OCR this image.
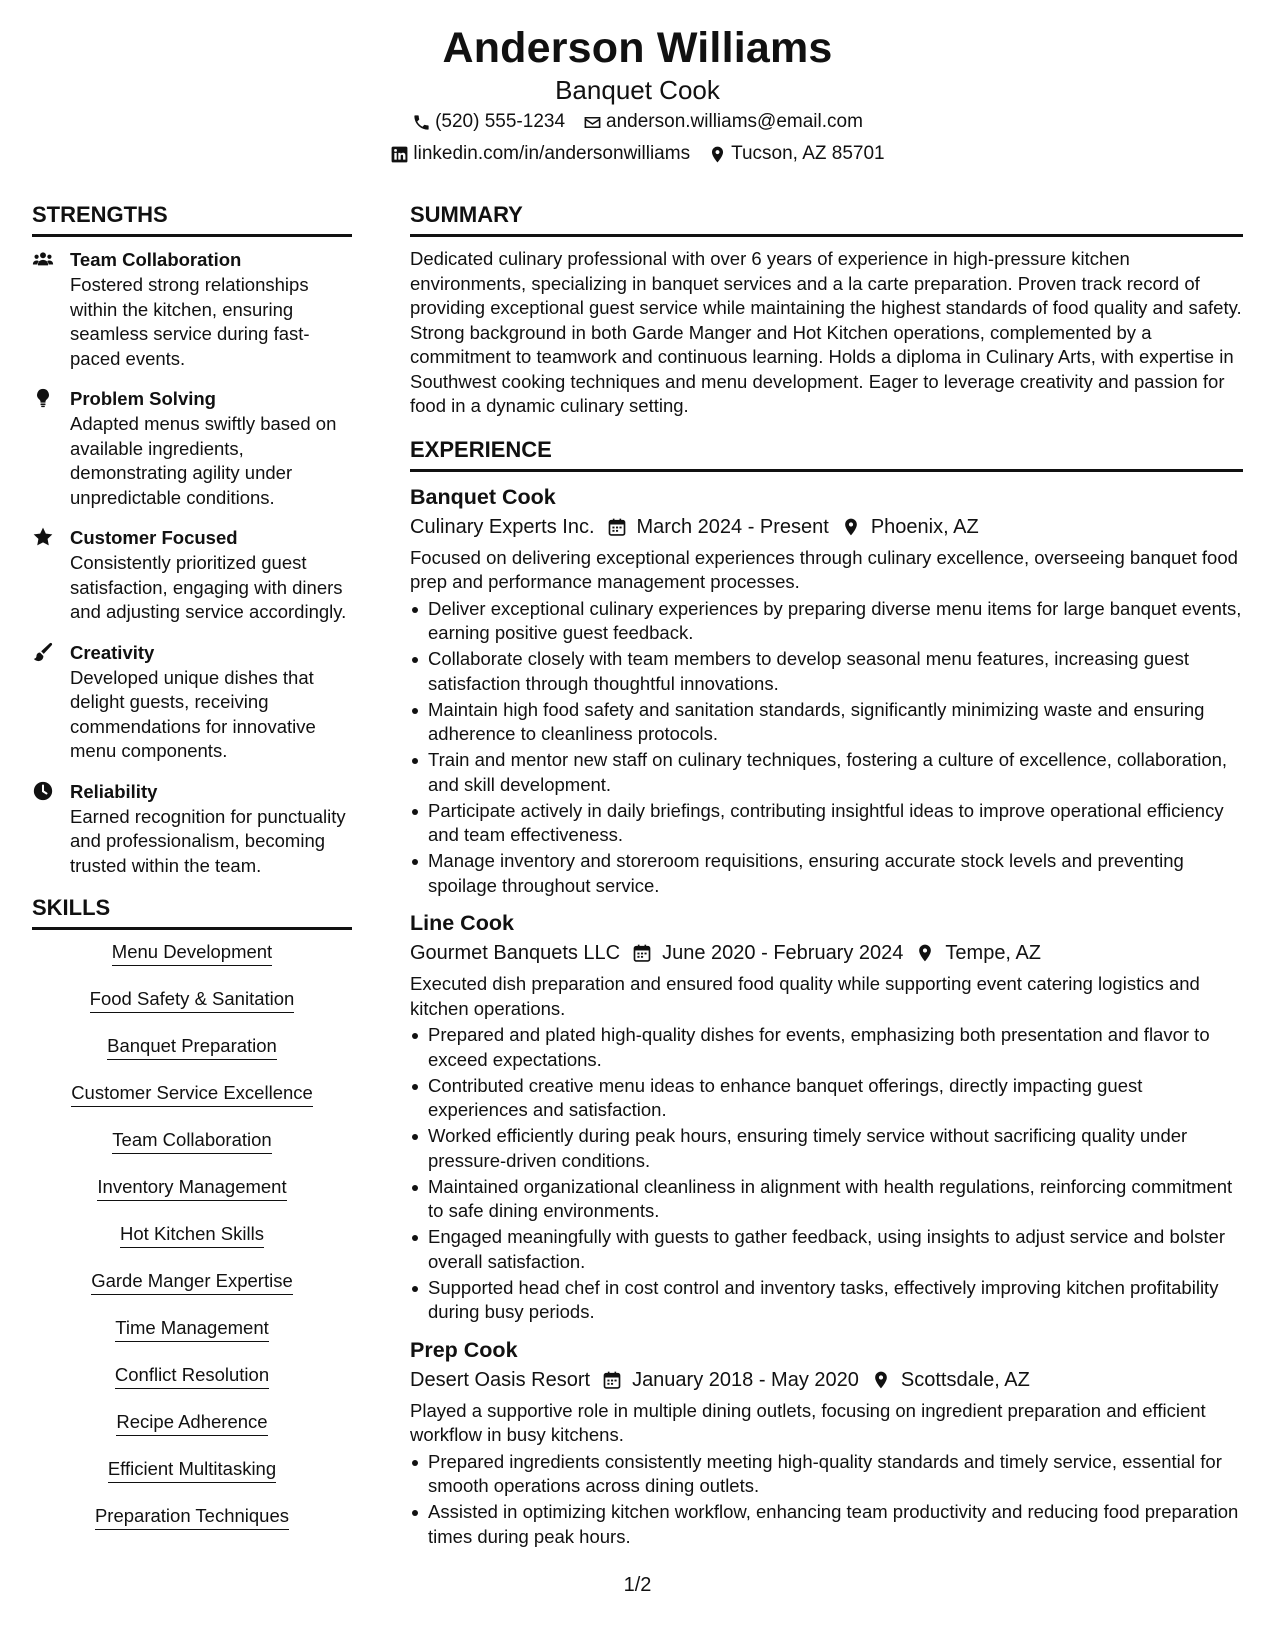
Anderson Williams
Banquet Cook
(520) 555-1234 anderson.williams@email.com
linkedin.com/in/andersonwilliams Tucson, AZ 85701
STRENGTHS
Team Collaboration
Fostered strong relationships within the kitchen, ensuring seamless service during fast-paced events.
Problem Solving
Adapted menus swiftly based on available ingredients, demonstrating agility under unpredictable conditions.
Customer Focused
Consistently prioritized guest satisfaction, engaging with diners and adjusting service accordingly.
Creativity
Developed unique dishes that delight guests, receiving commendations for innovative menu components.
Reliability
Earned recognition for punctuality and professionalism, becoming trusted within the team.
SKILLS
Menu Development
Food Safety & Sanitation
Banquet Preparation
Customer Service Excellence
Team Collaboration
Inventory Management
Hot Kitchen Skills
Garde Manger Expertise
Time Management
Conflict Resolution
Recipe Adherence
Efficient Multitasking
Preparation Techniques
SUMMARY
Dedicated culinary professional with over 6 years of experience in high-pressure kitchen environments, specializing in banquet services and a la carte preparation. Proven track record of providing exceptional guest service while maintaining the highest standards of food quality and safety. Strong background in both Garde Manger and Hot Kitchen operations, complemented by a commitment to teamwork and continuous learning. Holds a diploma in Culinary Arts, with expertise in Southwest cooking techniques and menu development. Eager to leverage creativity and passion for food in a dynamic culinary setting.
EXPERIENCE
Banquet Cook
Culinary Experts Inc. March 2024 - Present Phoenix, AZ
Focused on delivering exceptional experiences through culinary excellence, overseeing banquet food prep and performance management processes.
Deliver exceptional culinary experiences by preparing diverse menu items for large banquet events, earning positive guest feedback.
Collaborate closely with team members to develop seasonal menu features, increasing guest satisfaction through thoughtful innovations.
Maintain high food safety and sanitation standards, significantly minimizing waste and ensuring adherence to cleanliness protocols.
Train and mentor new staff on culinary techniques, fostering a culture of excellence, collaboration, and skill development.
Participate actively in daily briefings, contributing insightful ideas to improve operational efficiency and team effectiveness.
Manage inventory and storeroom requisitions, ensuring accurate stock levels and preventing spoilage throughout service.
Line Cook
Gourmet Banquets LLC June 2020 - February 2024 Tempe, AZ
Executed dish preparation and ensured food quality while supporting event catering logistics and kitchen operations.
Prepared and plated high-quality dishes for events, emphasizing both presentation and flavor to exceed expectations.
Contributed creative menu ideas to enhance banquet offerings, directly impacting guest experiences and satisfaction.
Worked efficiently during peak hours, ensuring timely service without sacrificing quality under pressure-driven conditions.
Maintained organizational cleanliness in alignment with health regulations, reinforcing commitment to safe dining environments.
Engaged meaningfully with guests to gather feedback, using insights to adjust service and bolster overall satisfaction.
Supported head chef in cost control and inventory tasks, effectively improving kitchen profitability during busy periods.
Prep Cook
Desert Oasis Resort January 2018 - May 2020 Scottsdale, AZ
Played a supportive role in multiple dining outlets, focusing on ingredient preparation and efficient workflow in busy kitchens.
Prepared ingredients consistently meeting high-quality standards and timely service, essential for smooth operations across dining outlets.
Assisted in optimizing kitchen workflow, enhancing team productivity and reducing food preparation times during peak hours.
1/2
